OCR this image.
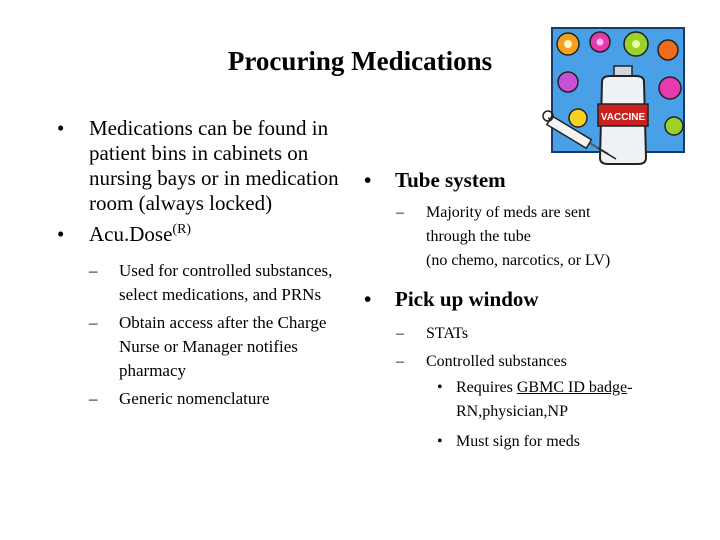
Procuring Medications
VACCINE
• Medications can be found in patient bins in cabinets on nursing bays or in medication room (always locked)
• Acu.Dose$^{(R)}$
– Used for controlled substances, select medications, and PRNs
– Obtain access after the Charge Nurse or Manager notifies pharmacy
– Generic nomenclature
• Tube system
– Majority of meds are sent through the tube
(no chemo, narcotics, or LV)
• Pick up window
– STATs
– Controlled substances
• Requires GBMC ID badge-RN,physician,NP
• Must sign for meds
